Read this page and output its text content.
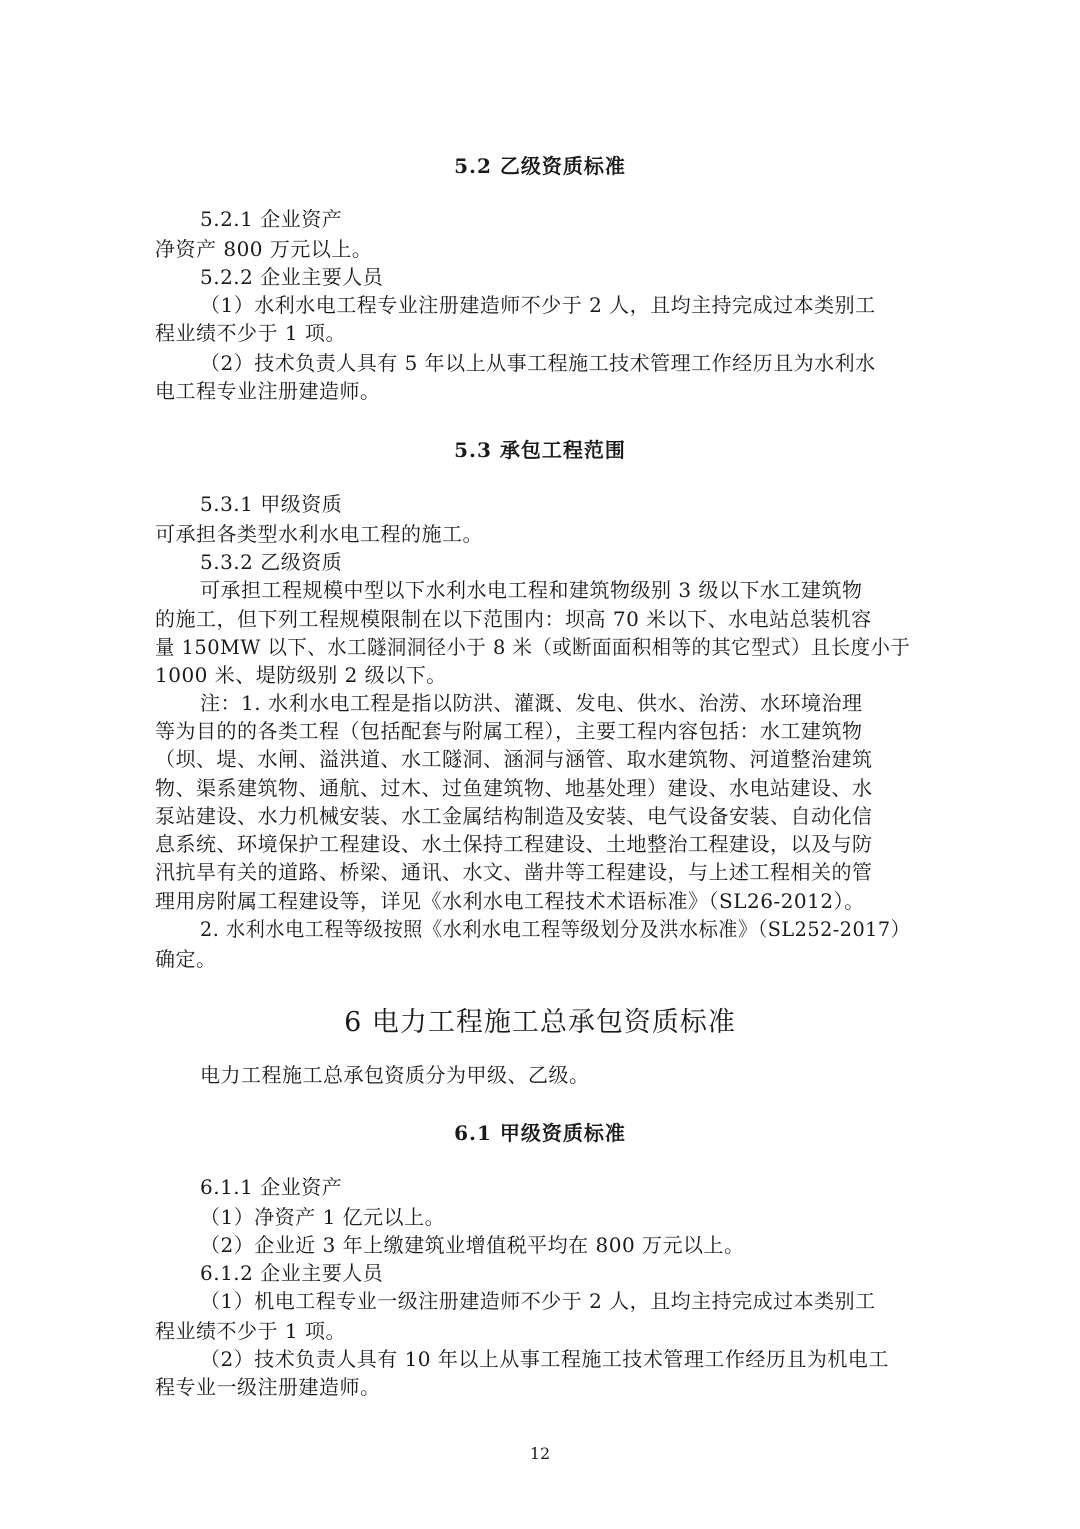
5.2 乙级资质标准
5.2.1 企业资产
净资产 800 万元以上。
5.2.2 企业主要人员
（1）水利水电工程专业注册建造师不少于 2 人，且均主持完成过本类别工
程业绩不少于 1 项。
（2）技术负责人具有 5 年以上从事工程施工技术管理工作经历且为水利水
电工程专业注册建造师。
5.3 承包工程范围
5.3.1 甲级资质
可承担各类型水利水电工程的施工。
5.3.2 乙级资质
可承担工程规模中型以下水利水电工程和建筑物级别 3 级以下水工建筑物
的施工，但下列工程规模限制在以下范围内：坝高 70 米以下、水电站总装机容
量 150MW 以下、水工隧洞洞径小于 8 米（或断面面积相等的其它型式）且长度小于
1000 米、堤防级别 2 级以下。
注：1. 水利水电工程是指以防洪、灌溉、发电、供水、治涝、水环境治理
等为目的的各类工程（包括配套与附属工程），主要工程内容包括：水工建筑物
（坝、堤、水闸、溢洪道、水工隧洞、涵洞与涵管、取水建筑物、河道整治建筑
物、渠系建筑物、通航、过木、过鱼建筑物、地基处理）建设、水电站建设、水
泵站建设、水力机械安装、水工金属结构制造及安装、电气设备安装、自动化信
息系统、环境保护工程建设、水土保持工程建设、土地整治工程建设，以及与防
汛抗旱有关的道路、桥梁、通讯、水文、凿井等工程建设，与上述工程相关的管
理用房附属工程建设等，详见《水利水电工程技术术语标准》（SL26-2012）。
2. 水利水电工程等级按照《水利水电工程等级划分及洪水标准》（SL252-2017）
确定。
6 电力工程施工总承包资质标准
电力工程施工总承包资质分为甲级、乙级。
6.1 甲级资质标准
6.1.1 企业资产
（1）净资产 1 亿元以上。
（2）企业近 3 年上缴建筑业增值税平均在 800 万元以上。
6.1.2 企业主要人员
（1）机电工程专业一级注册建造师不少于 2 人，且均主持完成过本类别工
程业绩不少于 1 项。
（2）技术负责人具有 10 年以上从事工程施工技术管理工作经历且为机电工
程专业一级注册建造师。
12
